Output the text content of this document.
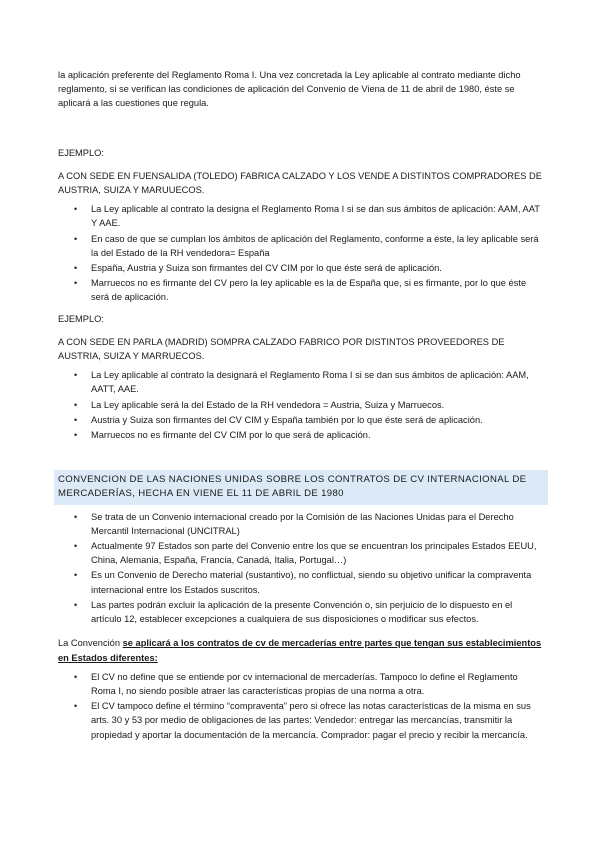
la aplicación preferente del Reglamento Roma I. Una vez concretada la Ley aplicable al contrato mediante dicho reglamento, si se verifican las condiciones de aplicación del Convenio de Viena de 11 de abril de 1980, éste se aplicará a las cuestiones que regula.

EJEMPLO:

A CON SEDE EN FUENSALIDA (TOLEDO) FABRICA CALZADO Y LOS VENDE A DISTINTOS COMPRADORES DE AUSTRIA, SUIZA Y MARUUECOS.

• La Ley aplicable al contrato la designa el Reglamento Roma I si se dan sus ámbitos de aplicación: AAM, AAT Y AAE.
• En caso de que se cumplan los ámbitos de aplicación del Reglamento, conforme a éste, la ley aplicable será la del Estado de la RH vendedora= España
• España, Austria y Suiza son firmantes del CV CIM por lo que éste será de aplicación.
• Marruecos no es firmante del CV pero la ley aplicable es la de España que, si es firmante, por lo que éste será de aplicación.

EJEMPLO:

A CON SEDE EN PARLA (MADRID) SOMPRA CALZADO FABRICO POR DISTINTOS PROVEEDORES DE AUSTRIA, SUIZA Y MARRUECOS.

• La Ley aplicable al contrato la designará el Reglamento Roma I si se dan sus ámbitos de aplicación: AAM, AATT, AAE.
• La Ley aplicable será la del Estado de la RH vendedora = Austria, Suiza y Marruecos.
• Austria y Suiza son firmantes del CV CIM y España también por lo que éste será de aplicación.
• Marruecos no es firmante del CV CIM por lo que será de aplicación.
CONVENCION DE LAS NACIONES UNIDAS SOBRE LOS CONTRATOS DE CV INTERNACIONAL DE MERCADERÍAS, HECHA EN VIENE EL 11 DE ABRIL DE 1980
• Se trata de un Convenio internacional creado por la Comisión de las Naciones Unidas para el Derecho Mercantil Internacional (UNCITRAL)
• Actualmente 97 Estados son parte del Convenio entre los que se encuentran los principales Estados EEUU, China, Alemania, España, Francia, Canadá, Italia, Portugal…)
• Es un Convenio de Derecho material (sustantivo), no conflictual, siendo su objetivo unificar la compraventa internacional entre los Estados suscritos.
• Las partes podrán excluir la aplicación de la presente Convención o, sin perjuicio de lo dispuesto en el artículo 12, establecer excepciones a cualquiera de sus disposiciones o modificar sus efectos.

La Convención se aplicará a los contratos de cv de mercaderías entre partes que tengan sus establecimientos en Estados diferentes:

• El CV no define que se entiende por cv internacional de mercaderías. Tampoco lo define el Reglamento Roma I, no siendo posible atraer las características propias de una norma a otra.
• El CV tampoco define el término “compraventa” pero si ofrece las notas características de la misma en sus arts. 30 y 53 por medio de obligaciones de las partes: Vendedor: entregar las mercancías, transmitir la propiedad y aportar la documentación de la mercancía. Comprador: pagar el precio y recibir la mercancía.
